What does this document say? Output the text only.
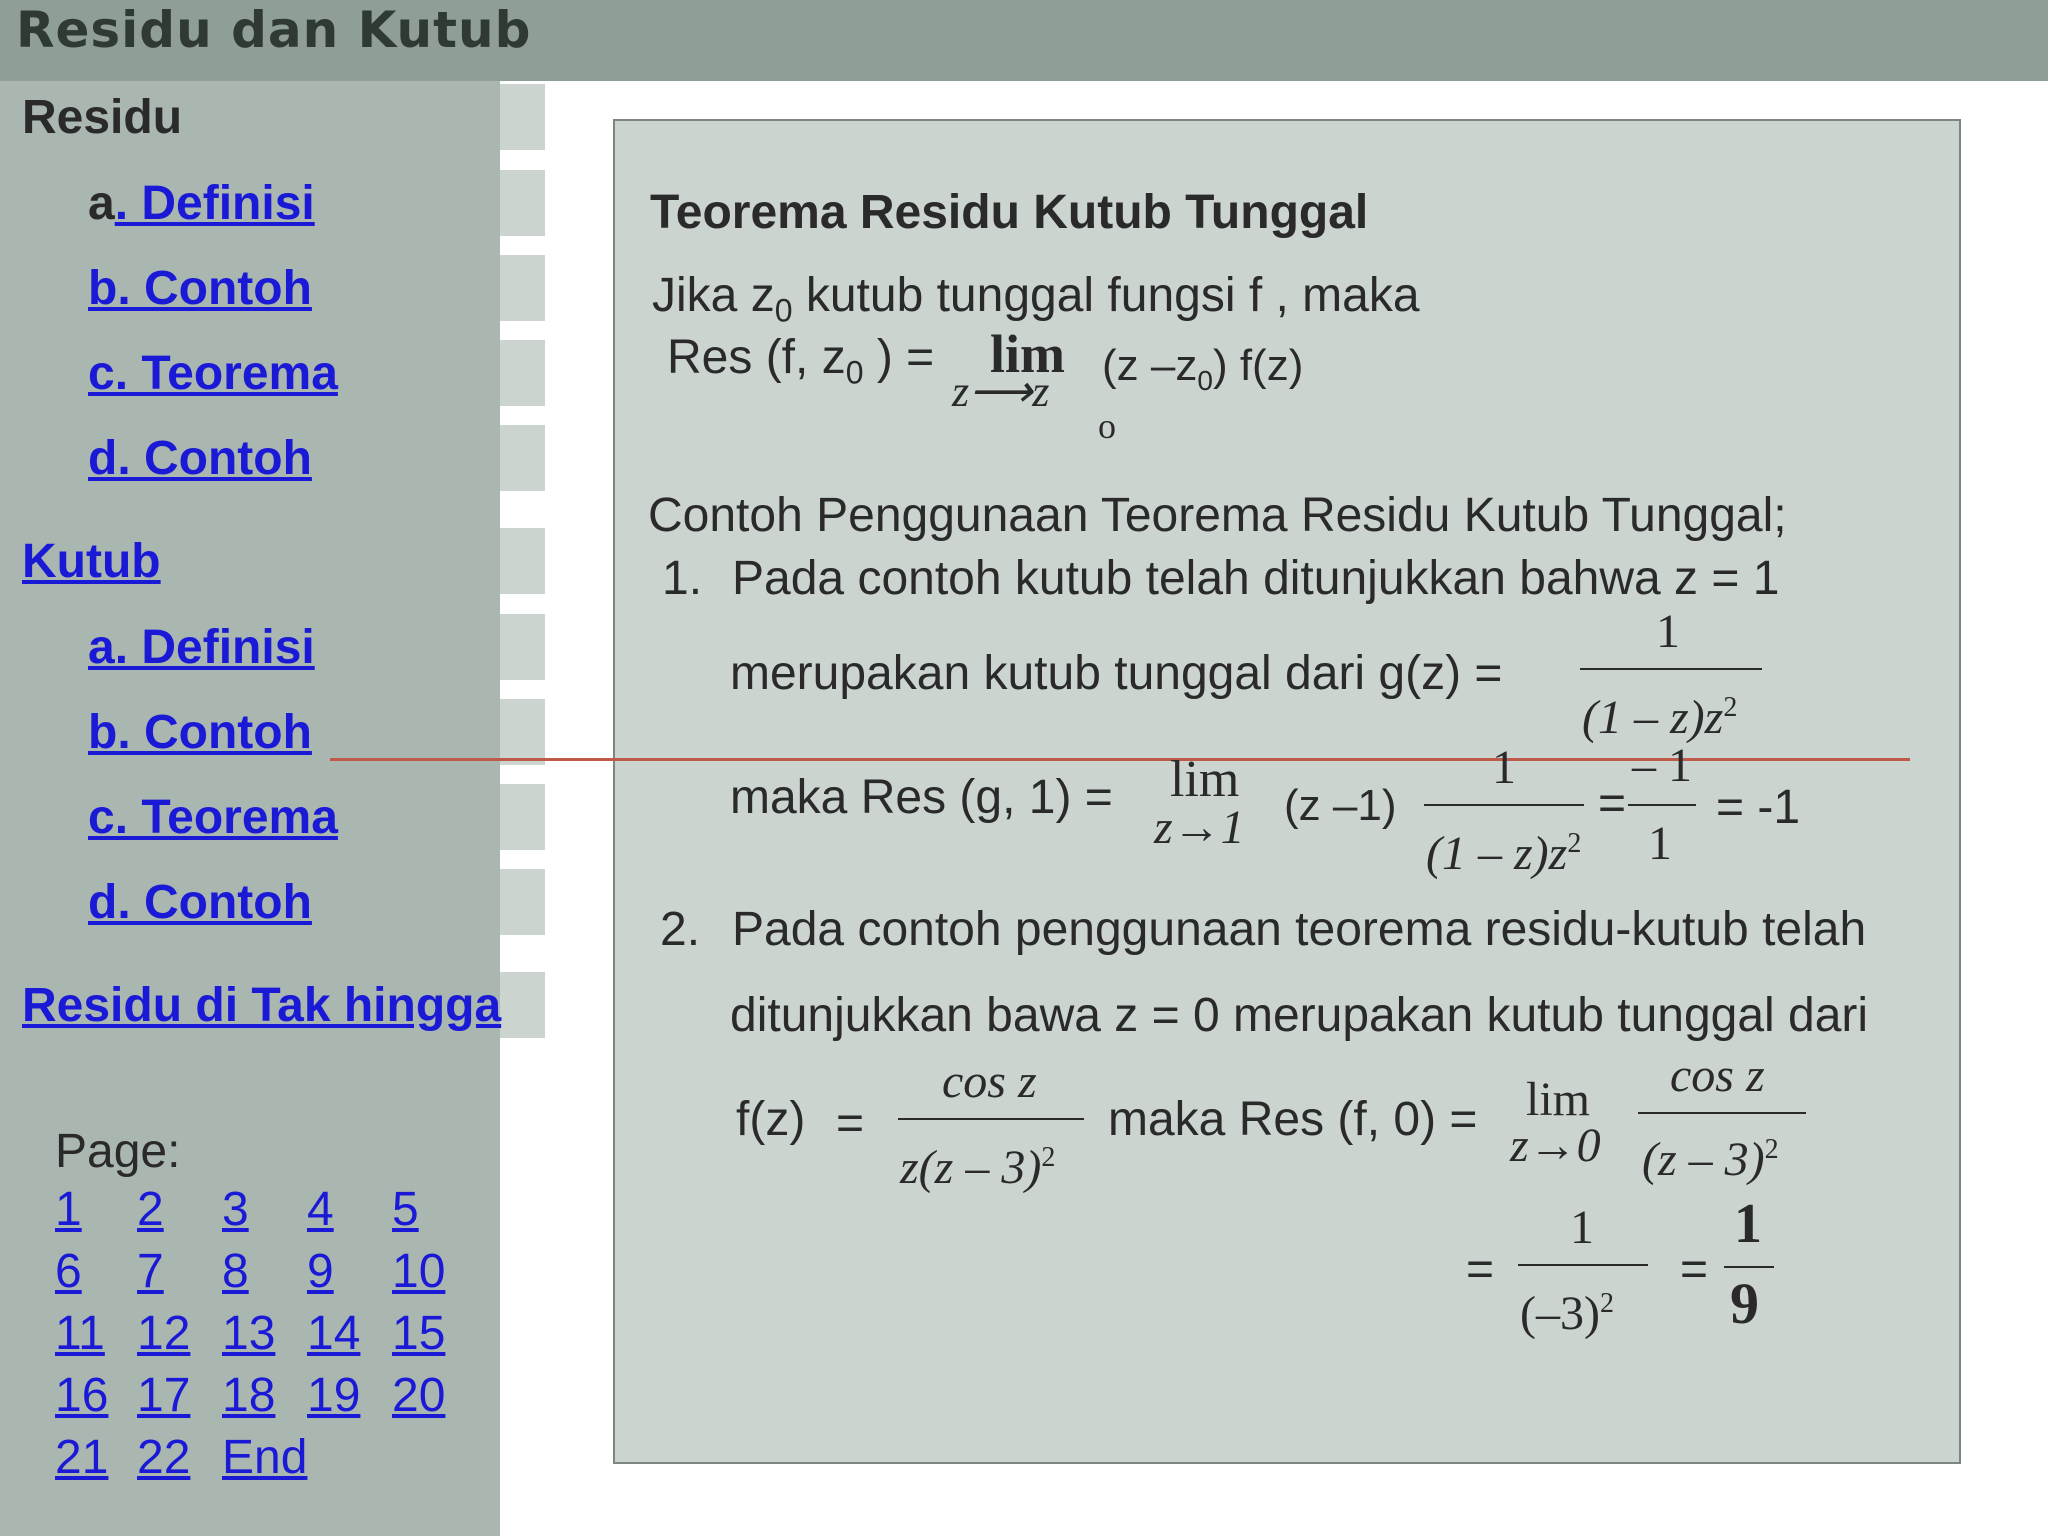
Residu dan Kutub
Residu
a. Definisi
b. Contoh
c. Teorema
d. Contoh
Kutub
a. Definisi
b. Contoh
c. Teorema
d. Contoh
Residu di Tak hingga
Page:
1 2 3 4 5
6 7 8 9 10
11 12 13 14 15
16 17 18 19 20
21 22 End
Teorema Residu Kutub Tunggal
Jika $z_0$ kutub tunggal fungsi f , maka
Res (f, $z_0$ ) = lim
z⟶z
o
(z $-z_0$) f(z)
Contoh Penggunaan Teorema Residu Kutub Tunggal;
1. Pada contoh kutub telah ditunjukkan bahwa z = 1
merupakan kutub tunggal dari g(z) =
1
$(1 - z)z^2$
maka Res (g, 1) = lim
z→1 (z –1)
1
$(1 - z)z^2$
=
– 1
1
= -1
2. Pada contoh penggunaan teorema residu-kutub telah
ditunjukkan bawa z = 0 merupakan kutub tunggal dari
f(z) =
cos z
z(z – 3)$^2$
maka Res (f, 0) = lim
z→0
cos z
(z – 3)$^2$
=
1
$(-3)^2$
=
1
9
